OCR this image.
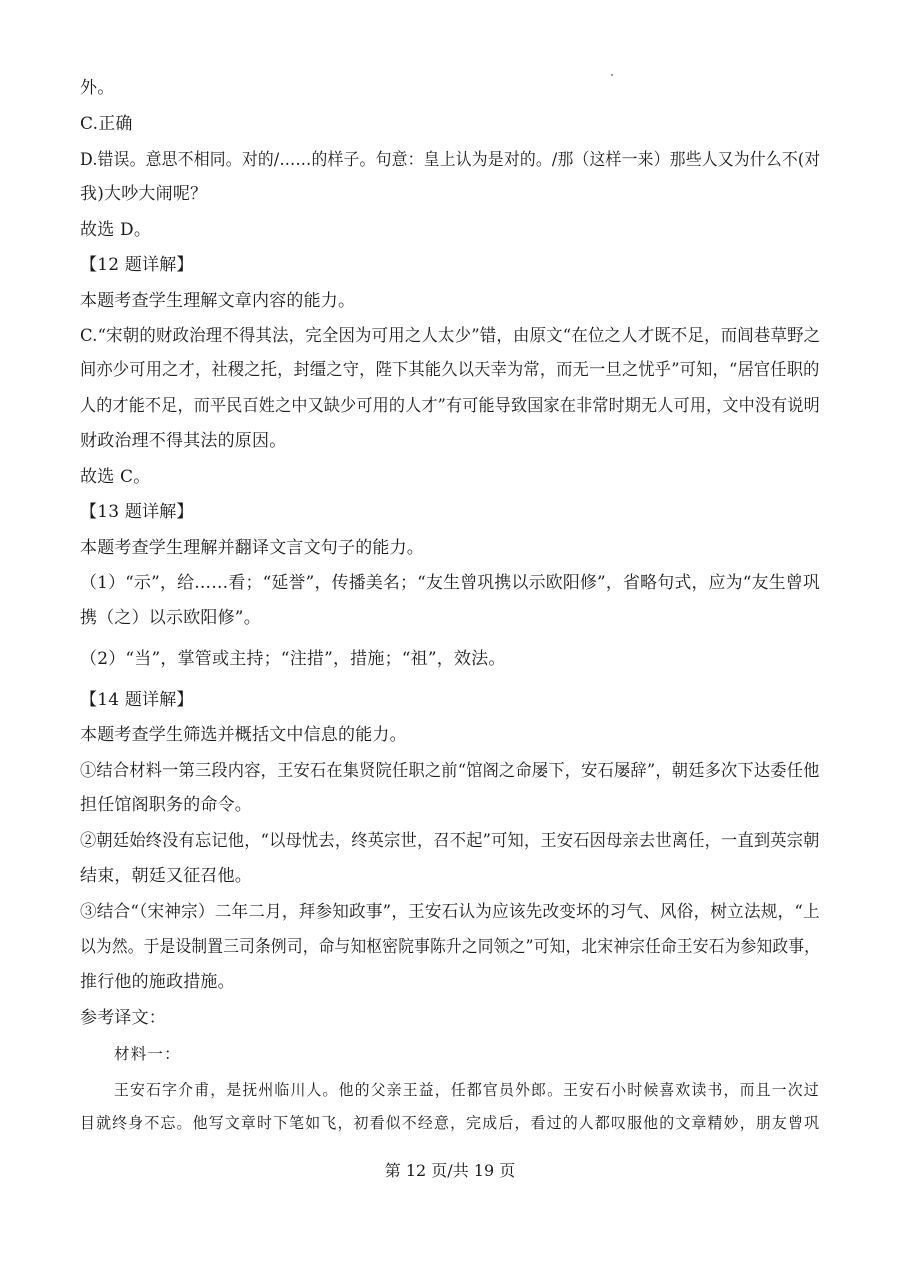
外。
C.正确
D.错误。意思不相同。对的/……的样子。句意：皇上认为是对的。/那（这样一来）那些人又为什么不(对
我)大吵大闹呢？
故选 D。
【12 题详解】
本题考查学生理解文章内容的能力。
C.“宋朝的财政治理不得其法，完全因为可用之人太少”错，由原文“在位之人才既不足，而闾巷草野之
间亦少可用之才，社稷之托，封缰之守，陛下其能久以天幸为常，而无一旦之忧乎”可知，“居官任职的
人的才能不足，而平民百姓之中又缺少可用的人才”有可能导致国家在非常时期无人可用，文中没有说明
财政治理不得其法的原因。
故选 C。
【13 题详解】
本题考查学生理解并翻译文言文句子的能力。
（1）“示”，给……看；“延誉”，传播美名；“友生曾巩携以示欧阳修”，省略句式，应为“友生曾巩
携（之）以示欧阳修”。
（2）“当”，掌管或主持；“注措”，措施；“祖”，效法。
【14 题详解】
本题考查学生筛选并概括文中信息的能力。
①结合材料一第三段内容，王安石在集贤院任职之前“馆阁之命屡下，安石屡辞”，朝廷多次下达委任他
担任馆阁职务的命令。
②朝廷始终没有忘记他，“以母忧去，终英宗世，召不起”可知，王安石因母亲去世离任，一直到英宗朝
结束，朝廷又征召他。
③结合“（宋神宗）二年二月，拜参知政事”，王安石认为应该先改变坏的习气、风俗，树立法规，“上
以为然。于是设制置三司条例司，命与知枢密院事陈升之同领之”可知，北宋神宗任命王安石为参知政事，
推行他的施政措施。
参考译文：
材料一：
王安石字介甫，是抚州临川人。他的父亲王益，任都官员外郎。王安石小时候喜欢读书，而且一次过
目就终身不忘。他写文章时下笔如飞，初看似不经意，完成后，看过的人都叹服他的文章精妙，朋友曾巩
第 12 页/共 19 页
